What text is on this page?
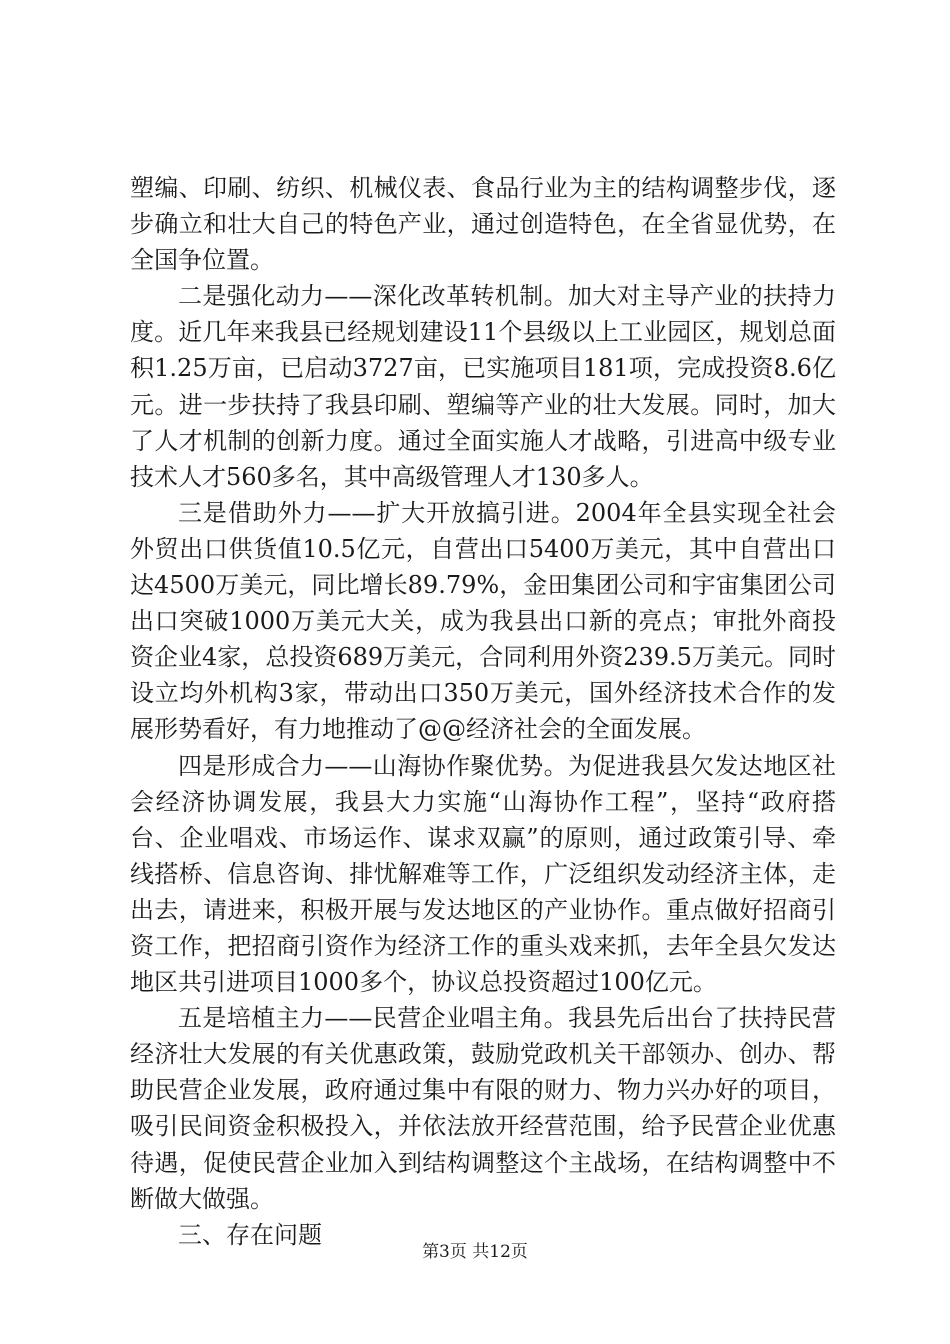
塑编、印刷、纺织、机械仪表、食品行业为主的结构调整步伐，逐步确立和壮大自己的特色产业，通过创造特色，在全省显优势，在全国争位置。

二是强化动力——深化改革转机制。加大对主导产业的扶持力度。近几年来我县已经规划建设11个县级以上工业园区，规划总面积1.25万亩，已启动3727亩，已实施项目181项，完成投资8.6亿元。进一步扶持了我县印刷、塑编等产业的壮大发展。同时，加大了人才机制的创新力度。通过全面实施人才战略，引进高中级专业技术人才560多名，其中高级管理人才130多人。

三是借助外力——扩大开放搞引进。2004年全县实现全社会外贸出口供货值10.5亿元，自营出口5400万美元，其中自营出口达4500万美元，同比增长89.79%，金田集团公司和宇宙集团公司出口突破1000万美元大关，成为我县出口新的亮点；审批外商投资企业4家，总投资689万美元，合同利用外资239.5万美元。同时设立均外机构3家，带动出口350万美元，国外经济技术合作的发展形势看好，有力地推动了@@经济社会的全面发展。

四是形成合力——山海协作聚优势。为促进我县欠发达地区社会经济协调发展，我县大力实施“山海协作工程”，坚持“政府搭台、企业唱戏、市场运作、谋求双赢”的原则，通过政策引导、牵线搭桥、信息咨询、排忧解难等工作，广泛组织发动经济主体，走出去，请进来，积极开展与发达地区的产业协作。重点做好招商引资工作，把招商引资作为经济工作的重头戏来抓，去年全县欠发达地区共引进项目1000多个，协议总投资超过100亿元。

五是培植主力——民营企业唱主角。我县先后出台了扶持民营经济壮大发展的有关优惠政策，鼓励党政机关干部领办、创办、帮助民营企业发展，政府通过集中有限的财力、物力兴办好的项目，吸引民间资金积极投入，并依法放开经营范围，给予民营企业优惠待遇，促使民营企业加入到结构调整这个主战场，在结构调整中不断做大做强。

三、存在问题

第3页 共12页
